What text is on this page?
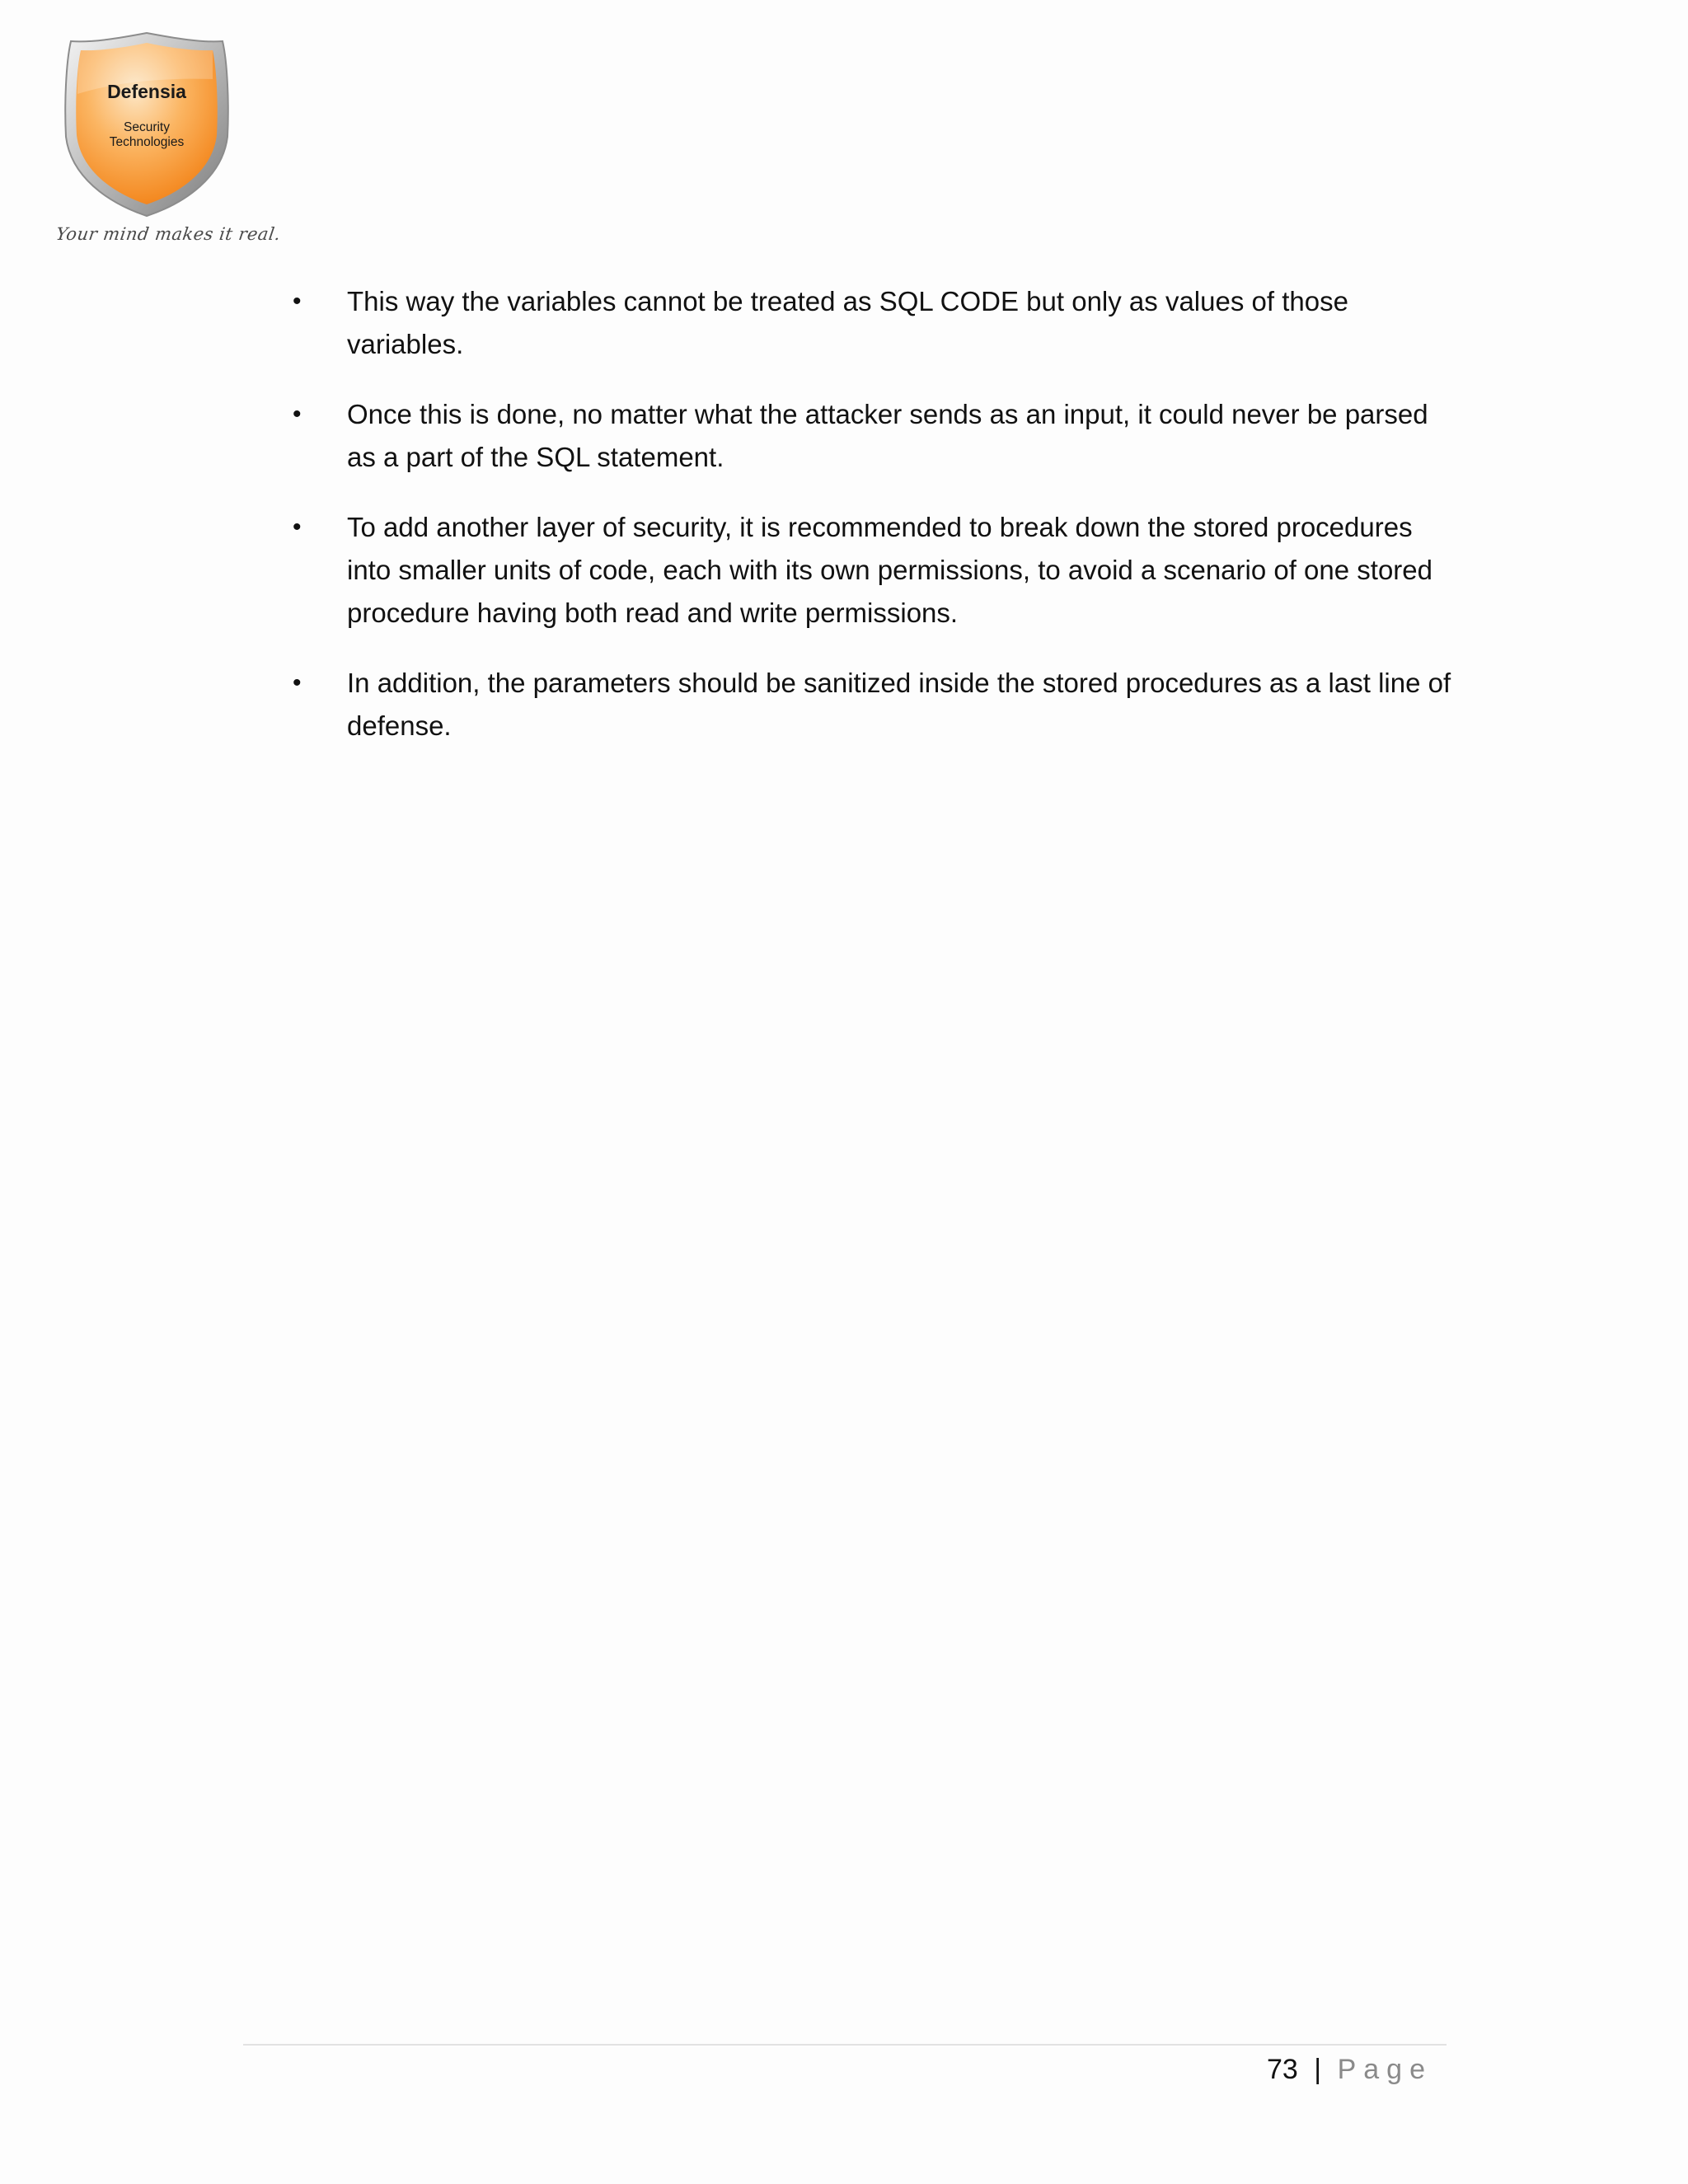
Defensia
Security
Technologies
Your mind makes it real.
•	This way the variables cannot be treated as SQL CODE but only as values of those variables.
•	Once this is done, no matter what the attacker sends as an input, it could never be parsed as a part of the SQL statement.
•	To add another layer of security, it is recommended to break down the stored procedures into smaller units of code, each with its own permissions, to avoid a scenario of one stored procedure having both read and write permissions.
•	In addition, the parameters should be sanitized inside the stored procedures as a last line of defense.
73 | Page
